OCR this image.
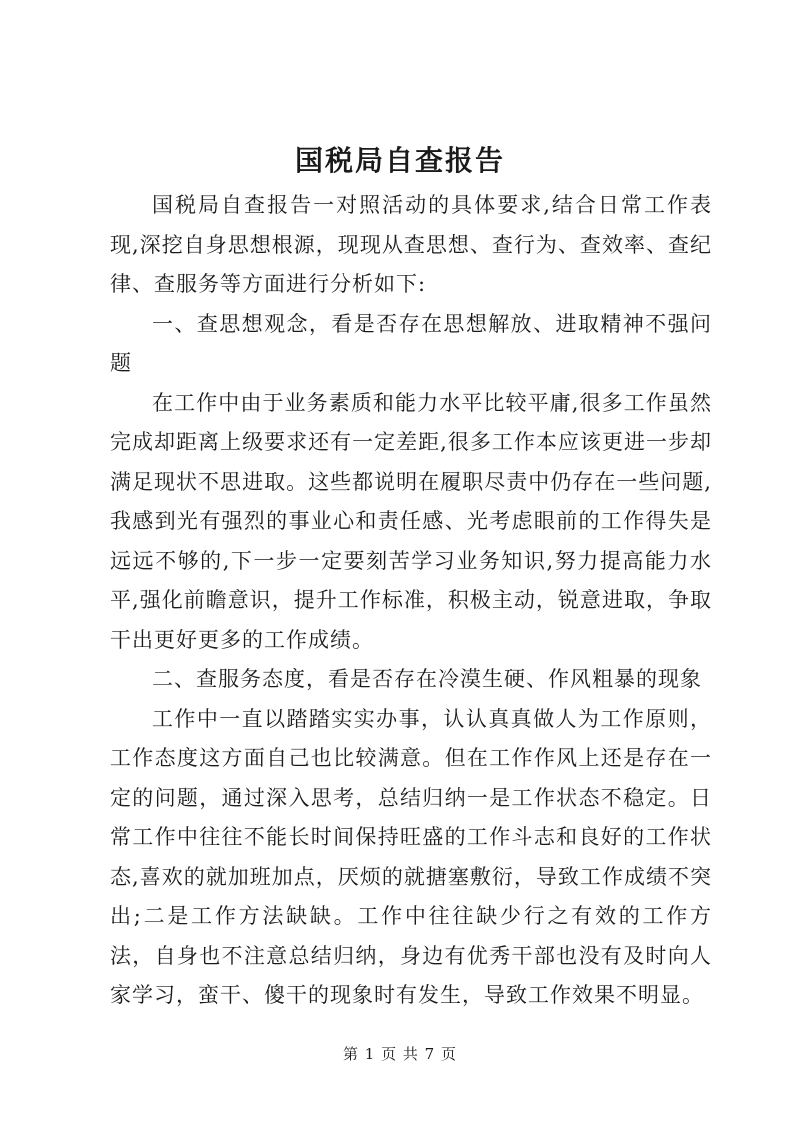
国税局自查报告

国税局自查报告一对照活动的具体要求,结合日常工作表现,深挖自身思想根源，现现从查思想、查行为、查效率、查纪律、查服务等方面进行分析如下:

一、查思想观念，看是否存在思想解放、进取精神不强问题

在工作中由于业务素质和能力水平比较平庸,很多工作虽然完成却距离上级要求还有一定差距,很多工作本应该更进一步却满足现状不思进取。这些都说明在履职尽责中仍存在一些问题,我感到光有强烈的事业心和责任感、光考虑眼前的工作得失是远远不够的,下一步一定要刻苦学习业务知识,努力提高能力水平,强化前瞻意识，提升工作标准，积极主动，锐意进取，争取干出更好更多的工作成绩。

二、查服务态度，看是否存在冷漠生硬、作风粗暴的现象

工作中一直以踏踏实实办事，认认真真做人为工作原则，工作态度这方面自己也比较满意。但在工作作风上还是存在一定的问题，通过深入思考，总结归纳一是工作状态不稳定。日常工作中往往不能长时间保持旺盛的工作斗志和良好的工作状态,喜欢的就加班加点，厌烦的就搪塞敷衍，导致工作成绩不突出;二是工作方法缺缺。工作中往往缺少行之有效的工作方法，自身也不注意总结归纳，身边有优秀干部也没有及时向人家学习，蛮干、傻干的现象时有发生，导致工作效果不明显。

第 1 页 共 7 页
